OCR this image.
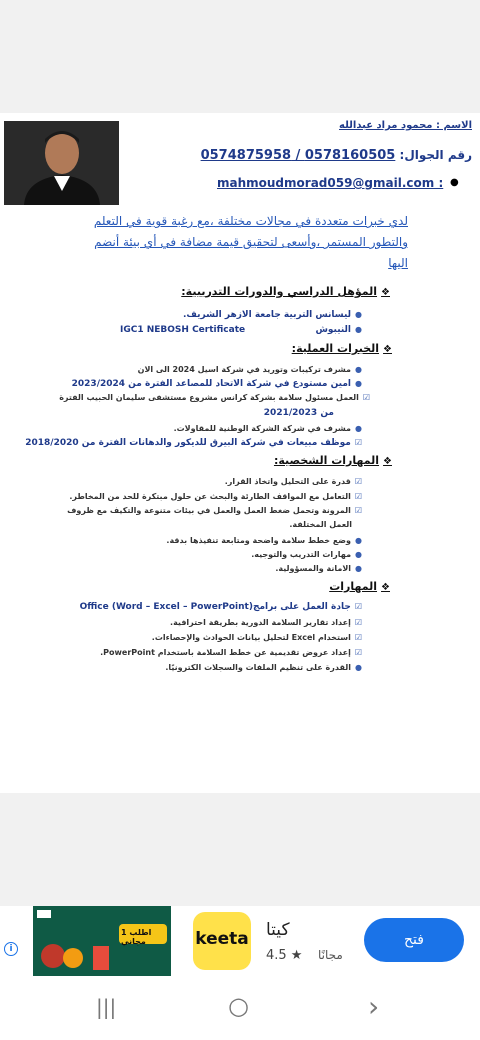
الاسم : محمود مراد عبدالله
رقم الجوال: 0578160505 / 0574875958
●
mahmoudmorad059@gmail.com :
لدي خبرات متعددة في مجالات مختلفة ،مع رغبة قوية في التعلم والتطور المستمر ،وأسعى لتحقيق قيمة مضافة في أي بيئة أنضم اليها
❖المؤهل الدراسي والدورات التدريبية:
●ليسانس التربية جامعة الازهر الشريف.
●النيبوش
IGC1 NEBOSH Certificate
❖الخبرات العملية:
●مشرف تركيبات وتوريد في شركة اسيل 2024 الى الان
●امين مستودع في شركة الاتحاد للمصاعد الفترة من 2023/2024
☑العمل مسئول سلامة بشركة كرانس مشروع مستشفى سليمان الحبيب الفترة
من 2021/2023
●مشرف في شركة الشركة الوطنية للمقاولات.
☑موظف مبيعات في شركة البيرق للديكور والدهانات الفترة من 2018/2020
❖المهارات الشخصية:
☑قدرة على التحليل واتخاذ القرار.
☑التعامل مع المواقف الطارئة والبحث عن حلول مبتكرة للحد من المخاطر.
☑المرونة وتحمل ضغط العمل والعمل في بيئات متنوعة والتكيف مع ظروف
العمل المختلفة.
●وضع خطط سلامة واضحة ومتابعة تنفيذها بدقة.
●مهارات التدريب والتوجيه.
●الامانة والمسؤولية.
❖المهارات
☑جادة العمل على برامج(Office (Word – Excel – PowerPoint
☑إعداد تقارير السلامة الدورية بطريقة احترافية.
☑استخدام Excel لتحليل بيانات الحوادث والإحصاءات.
☑إعداد عروض تقديمية عن خطط السلامة باستخدام PowerPoint.
●القدرة على تنظيم الملفات والسجلات الكترونيًا.
i
اطلب 1 مجاني	keeta كيتا
4.5 ★ مجانًا
فتح
|||	○	›
